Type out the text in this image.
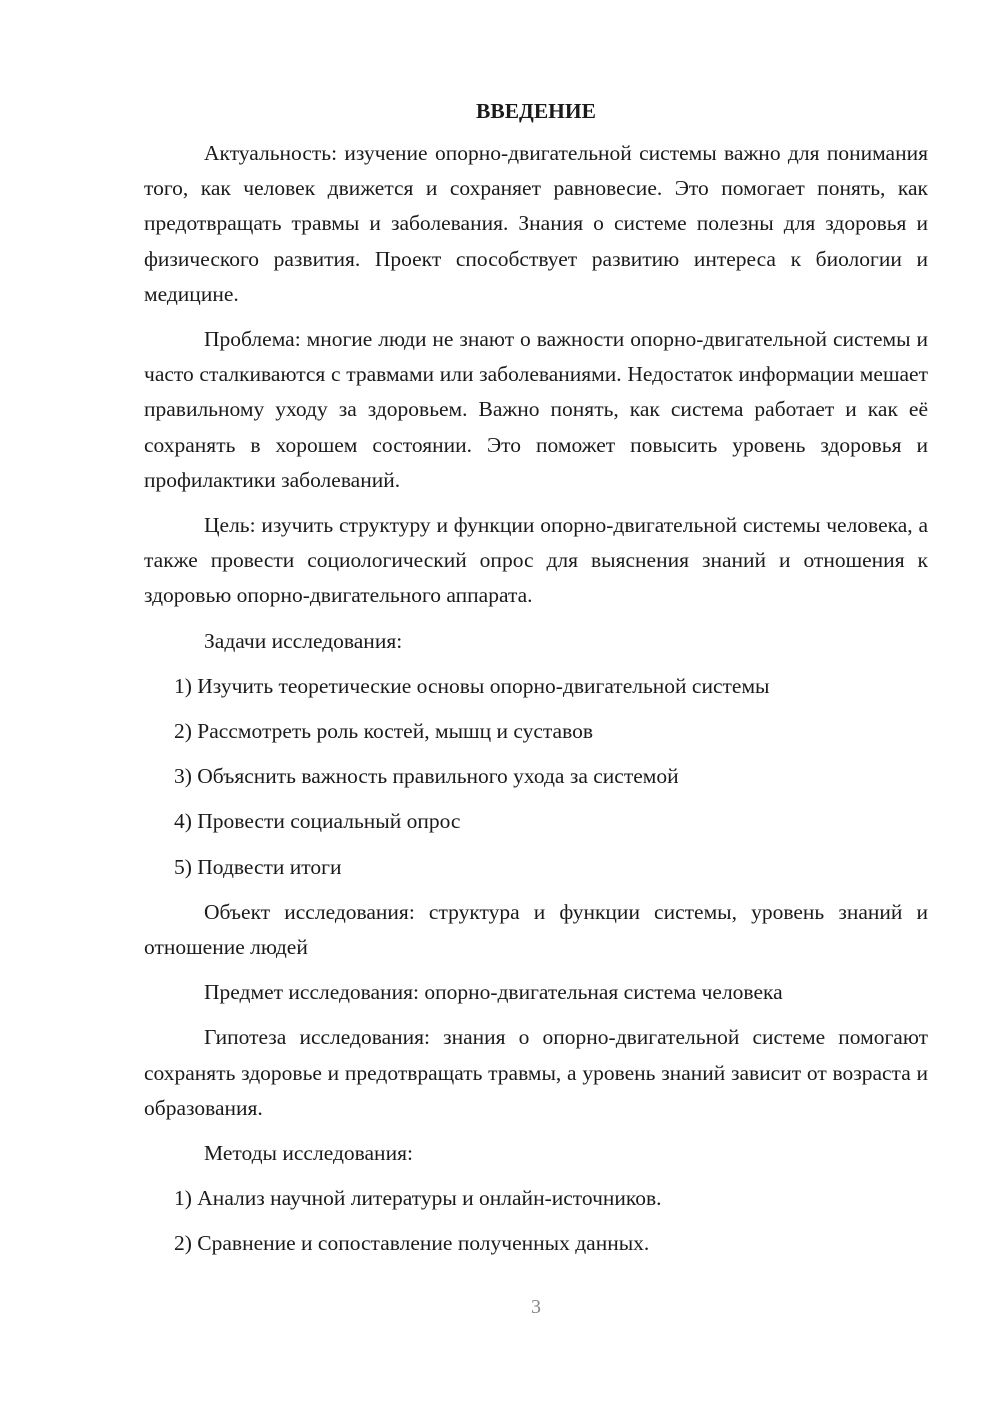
ВВЕДЕНИЕ

Актуальность: изучение опорно-двигательной системы важно для понимания того, как человек движется и сохраняет равновесие. Это помогает понять, как предотвращать травмы и заболевания. Знания о системе полезны для здоровья и физического развития. Проект способствует развитию интереса к биологии и медицине.

Проблема: многие люди не знают о важности опорно-двигательной системы и часто сталкиваются с травмами или заболеваниями. Недостаток информации мешает правильному уходу за здоровьем. Важно понять, как система работает и как её сохранять в хорошем состоянии. Это поможет повысить уровень здоровья и профилактики заболеваний.

Цель: изучить структуру и функции опорно-двигательной системы человека, а также провести социологический опрос для выяснения знаний и отношения к здоровью опорно-двигательного аппарата.

Задачи исследования:
1) Изучить теоретические основы опорно-двигательной системы
2) Рассмотреть роль костей, мышц и суставов
3) Объяснить важность правильного ухода за системой
4) Провести социальный опрос
5) Подвести итоги

Объект исследования: структура и функции системы, уровень знаний и отношение людей

Предмет исследования: опорно-двигательная система человека

Гипотеза исследования: знания о опорно-двигательной системе помогают сохранять здоровье и предотвращать травмы, а уровень знаний зависит от возраста и образования.

Методы исследования:
1) Анализ научной литературы и онлайн-источников.
2) Сравнение и сопоставление полученных данных.
3
